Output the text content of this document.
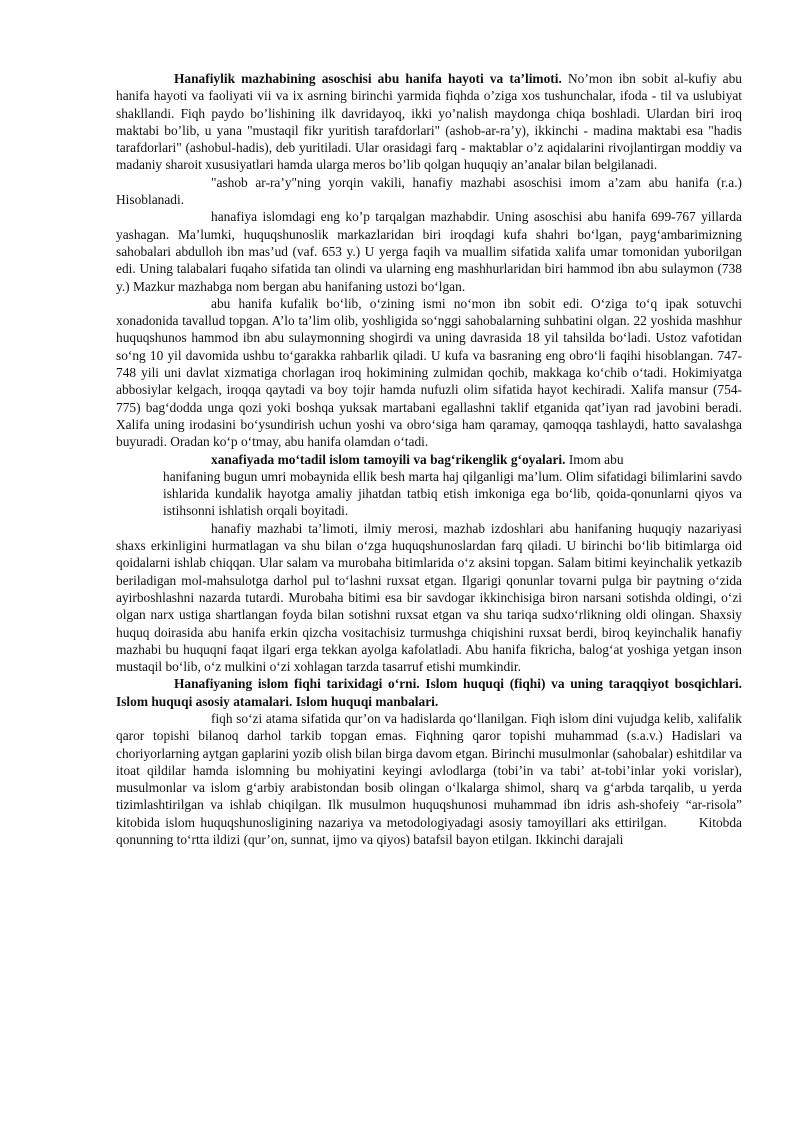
Hanafiylik mazhabining asoschisi abu hanifa hayoti va ta’limoti. No’mon ibn sobit al-kufiy abu hanifa hayoti va faoliyati vii va ix asrning birinchi yarmida fiqhda o’ziga xos tushunchalar, ifoda - til va uslubiyat shakllandi. Fiqh paydo bo’lishining ilk davridayoq, ikki yo’nalish maydonga chiqa boshladi. Ulardan biri iroq maktabi bo’lib, u yana "mustaqil fikr yuritish tarafdorlari" (ashob-ar-ra’y), ikkinchi - madina maktabi esa "hadis tarafdorlari" (ashobul-hadis), deb yuritiladi. Ular orasidagi farq - maktablar o’z aqidalarini rivojlantirgan moddiy va madaniy sharoit xususiyatlari hamda ularga meros bo’lib qolgan huquqiy an’analar bilan belgilanadi.

"ashob ar-ra’y"ning yorqin vakili, hanafiy mazhabi asoschisi imom a’zam abu hanifa (r.a.) Hisoblanadi.

hanafiya islomdagi eng ko’p tarqalgan mazhabdir. Uning asoschisi abu hanifa 699-767 yillarda yashagan. Ma’lumki, huquqshunoslik markazlaridan biri iroqdagi kufa shahri bo‘lgan, payg‘ambarimizning sahobalari abdulloh ibn mas’ud (vaf. 653 y.) U yerga faqih va muallim sifatida xalifa umar tomonidan yuborilgan edi. Uning talabalari fuqaho sifatida tan olindi va ularning eng mashhurlaridan biri hammod ibn abu sulaymon (738 y.) Mazkur mazhabga nom bergan abu hanifaning ustozi bo‘lgan.

abu hanifa kufalik bo‘lib, o‘zining ismi no‘mon ibn sobit edi. O‘ziga to‘q ipak sotuvchi xonadonida tavallud topgan. A’lo ta’lim olib, yoshligida so‘nggi sahobalarning suhbatini olgan. 22 yoshida mashhur huquqshunos hammod ibn abu sulaymonning shogirdi va uning davrasida 18 yil tahsilda bo‘ladi. Ustoz vafotidan so‘ng 10 yil davomida ushbu to‘garakka rahbarlik qiladi. U kufa va basraning eng obro‘li faqihi hisoblangan. 747-748 yili uni davlat xizmatiga chorlagan iroq hokimining zulmidan qochib, makkaga ko‘chib o‘tadi. Hokimiyatga abbosiylar kelgach, iroqqa qaytadi va boy tojir hamda nufuzli olim sifatida hayot kechiradi. Xalifa mansur (754-775) bag‘dodda unga qozi yoki boshqa yuksak martabani egallashni taklif etganida qat’iyan rad javobini beradi. Xalifa uning irodasini bo‘ysundirish uchun yoshi va obro‘siga ham qaramay, qamoqqa tashlaydi, hatto savalashga buyuradi. Oradan ko‘p o‘tmay, abu hanifa olamdan o‘tadi.

xanafiyada mo‘tadil islom tamoyili va bag‘rikenglik g‘oyalari. Imom abu

hanifaning bugun umri mobaynida ellik besh marta haj qilganligi ma’lum. Olim sifatidagi bilimlarini savdo ishlarida kundalik hayotga amaliy jihatdan tatbiq etish imkoniga ega bo‘lib, qoida-qonunlarni qiyos va istihsonni ishlatish orqali boyitadi.

hanafiy mazhabi ta’limoti, ilmiy merosi, mazhab izdoshlari abu hanifaning huquqiy nazariyasi shaxs erkinligini hurmatlagan va shu bilan o‘zga huquqshunoslardan farq qiladi. U birinchi bo‘lib bitimlarga oid qoidalarni ishlab chiqqan. Ular salam va murobaha bitimlarida o‘z aksini topgan. Salam bitimi keyinchalik yetkazib beriladigan mol-mahsulotga darhol pul to‘lashni ruxsat etgan. Ilgarigi qonunlar tovarni pulga bir paytning o‘zida ayirboshlashni nazarda tutardi. Murobaha bitimi esa bir savdogar ikkinchisiga biron narsani sotishda oldingi, o‘zi olgan narx ustiga shartlangan foyda bilan sotishni ruxsat etgan va shu tariqa sudxo‘rlikning oldi olingan. Shaxsiy huquq doirasida abu hanifa erkin qizcha vositachisiz turmushga chiqishini ruxsat berdi, biroq keyinchalik hanafiy mazhabi bu huquqni faqat ilgari erga tekkan ayolga kafolatladi. Abu hanifa fikricha, balog‘at yoshiga yetgan inson mustaqil bo‘lib, o‘z mulkini o‘zi xohlagan tarzda tasarruf etishi mumkindir.

Hanafiyaning islom fiqhi tarixidagi o‘rni. Islom huquqi (fiqhi) va uning taraqqiyot bosqichlari. Islom huquqi asosiy atamalari. Islom huquqi manbalari.

fiqh so‘zi atama sifatida qur’on va hadislarda qo‘llanilgan. Fiqh islom dini vujudga kelib, xalifalik qaror topishi bilanoq darhol tarkib topgan emas. Fiqhning qaror topishi muhammad (s.a.v.) Hadislari va choriyorlarning aytgan gaplarini yozib olish bilan birga davom etgan. Birinchi musulmonlar (sahobalar) eshitdilar va itoat qildilar hamda islomning bu mohiyatini keyingi avlodlarga (tobi’in va tabi’ at-tobi’inlar yoki vorislar), musulmonlar va islom g‘arbiy arabistondan bosib olingan o‘lkalarga shimol, sharq va g‘arbda tarqalib, u yerda tizimlashtirilgan va ishlab chiqilgan. Ilk musulmon huquqshunosi muhammad ibn idris ash-shofeiy “ar-risola” kitobida islom huquqshunosligining nazariya va metodologiyadagi asosiy tamoyillari aks ettirilgan.      Kitobda qonunning to‘rtta ildizi (qur’on, sunnat, ijmo va qiyos) batafsil bayon etilgan. Ikkinchi darajali
